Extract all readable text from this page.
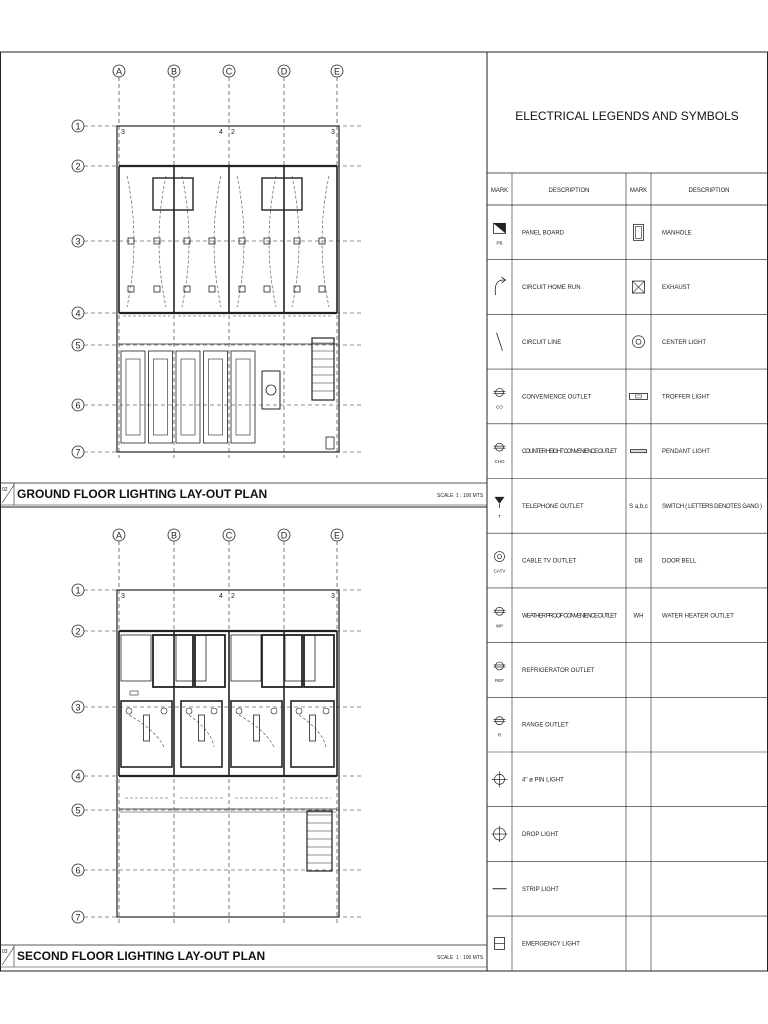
A	B	C	D	E
1
2
3
4
5
6
7
3	4 2	3
02 GROUND FLOOR LIGHTING LAY-OUT PLAN	SCALE 1 : 100 MTS
A	B	C	D	E
1
2
3
4
5
6
7
3	4 2	3
03 SECOND FLOOR LIGHTING LAY-OUT PLAN	SCALE 1 : 100 MTS
ELECTRICAL LEGENDS AND SYMBOLS
MARK	DESCRIPTION	MARK	DESCRIPTION
PB
PANEL BOARD	MANHOLE
CIRCUIT HOME RUN	EXHAUST
CIRCUIT LINE	CENTER LIGHT
CO
CONVENIENCE OUTLET	TROFFER LIGHT
CHO
COUNTER HEIGHT CONVENIENCE OUTLET	PENDANT LIGHT
T
TELEPHONE OUTLET	S a,b,c SWITCH ( LETTERS DENOTES GANG )
CATV
CABLE TV OUTLET	DB	DOOR BELL
WP
WEATHER PROOF CONVENIENCE OUTLET	WH	WATER HEATER OUTLET
REF
REFRIGERATOR OUTLET
R
RANGE OUTLET
4" ø PIN LIGHT
DROP LIGHT
STRIP LIGHT
EMERGENCY LIGHT
